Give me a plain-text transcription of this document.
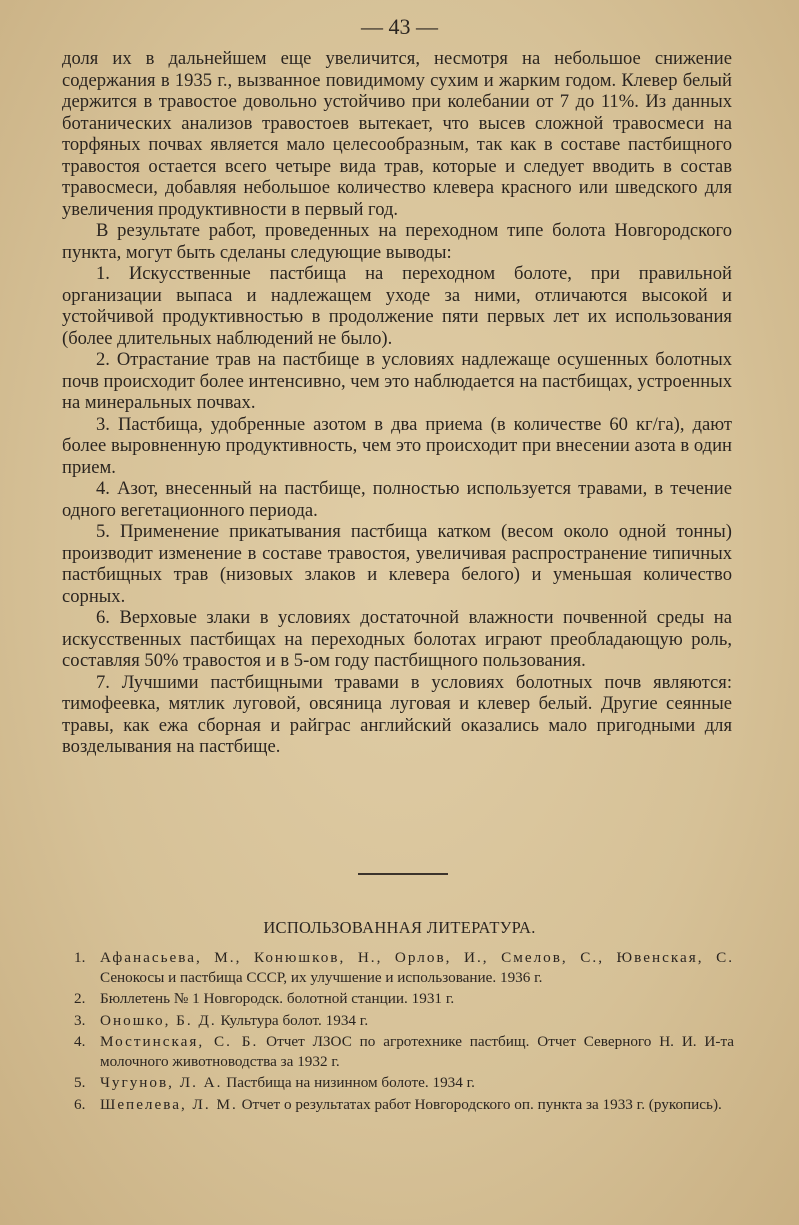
— 43 —

доля их в дальнейшем еще увеличится, несмотря на небольшое снижение содержания в 1935 г., вызванное повидимому сухим и жарким годом. Клевер белый держится в травостое довольно устойчиво при колебании от 7 до 11%. Из данных ботанических анализов травостоев вытекает, что высев сложной травосмеси на торфяных почвах является мало целесообразным, так как в составе пастбищного травостоя остается всего четыре вида трав, которые и следует вводить в состав травосмеси, добавляя небольшое количество клевера красного или шведского для увеличения продуктивности в первый год.

В результате работ, проведенных на переходном типе болота Новгородского пункта, могут быть сделаны следующие выводы:

1. Искусственные пастбища на переходном болоте, при правильной организации выпаса и надлежащем уходе за ними, отличаются высокой и устойчивой продуктивностью в продолжение пяти первых лет их использования (более длительных наблюдений не было).

2. Отрастание трав на пастбище в условиях надлежаще осушенных болотных почв происходит более интенсивно, чем это наблюдается на пастбищах, устроенных на минеральных почвах.

3. Пастбища, удобренные азотом в два приема (в количестве 60 кг/га), дают более выровненную продуктивность, чем это происходит при внесении азота в один прием.

4. Азот, внесенный на пастбище, полностью используется травами, в течение одного вегетационного периода.

5. Применение прикатывания пастбища катком (весом около одной тонны) производит изменение в составе травостоя, увеличивая распространение типичных пастбищных трав (низовых злаков и клевера белого) и уменьшая количество сорных.

6. Верховые злаки в условиях достаточной влажности почвенной среды на искусственных пастбищах на переходных болотах играют преобладающую роль, составляя 50% травостоя и в 5-ом году пастбищного пользования.

7. Лучшими пастбищными травами в условиях болотных почв являются: тимофеевка, мятлик луговой, овсяница луговая и клевер белый. Другие сеянные травы, как ежа сборная и райграс английский оказались мало пригодными для возделывания на пастбище.

ИСПОЛЬЗОВАННАЯ ЛИТЕРАТУРА.
1. Афанасьева, М., Конюшков, Н., Орлов, И., Смелов, С., Ювенская, С. Сенокосы и пастбища СССР, их улучшение и использование. 1936 г.
2. Бюллетень № 1 Новгородск. болотной станции. 1931 г.
3. Оношко, Б. Д. Культура болот. 1934 г.
4. Мостинская, С. Б. Отчет ЛЗОС по агротехнике пастбищ. Отчет Северного Н. И. И-та молочного животноводства за 1932 г.
5. Чугунов, Л. А. Пастбища на низинном болоте. 1934 г.
6. Шепелева, Л. М. Отчет о результатах работ Новгородского оп. пункта за 1933 г. (рукопись).
